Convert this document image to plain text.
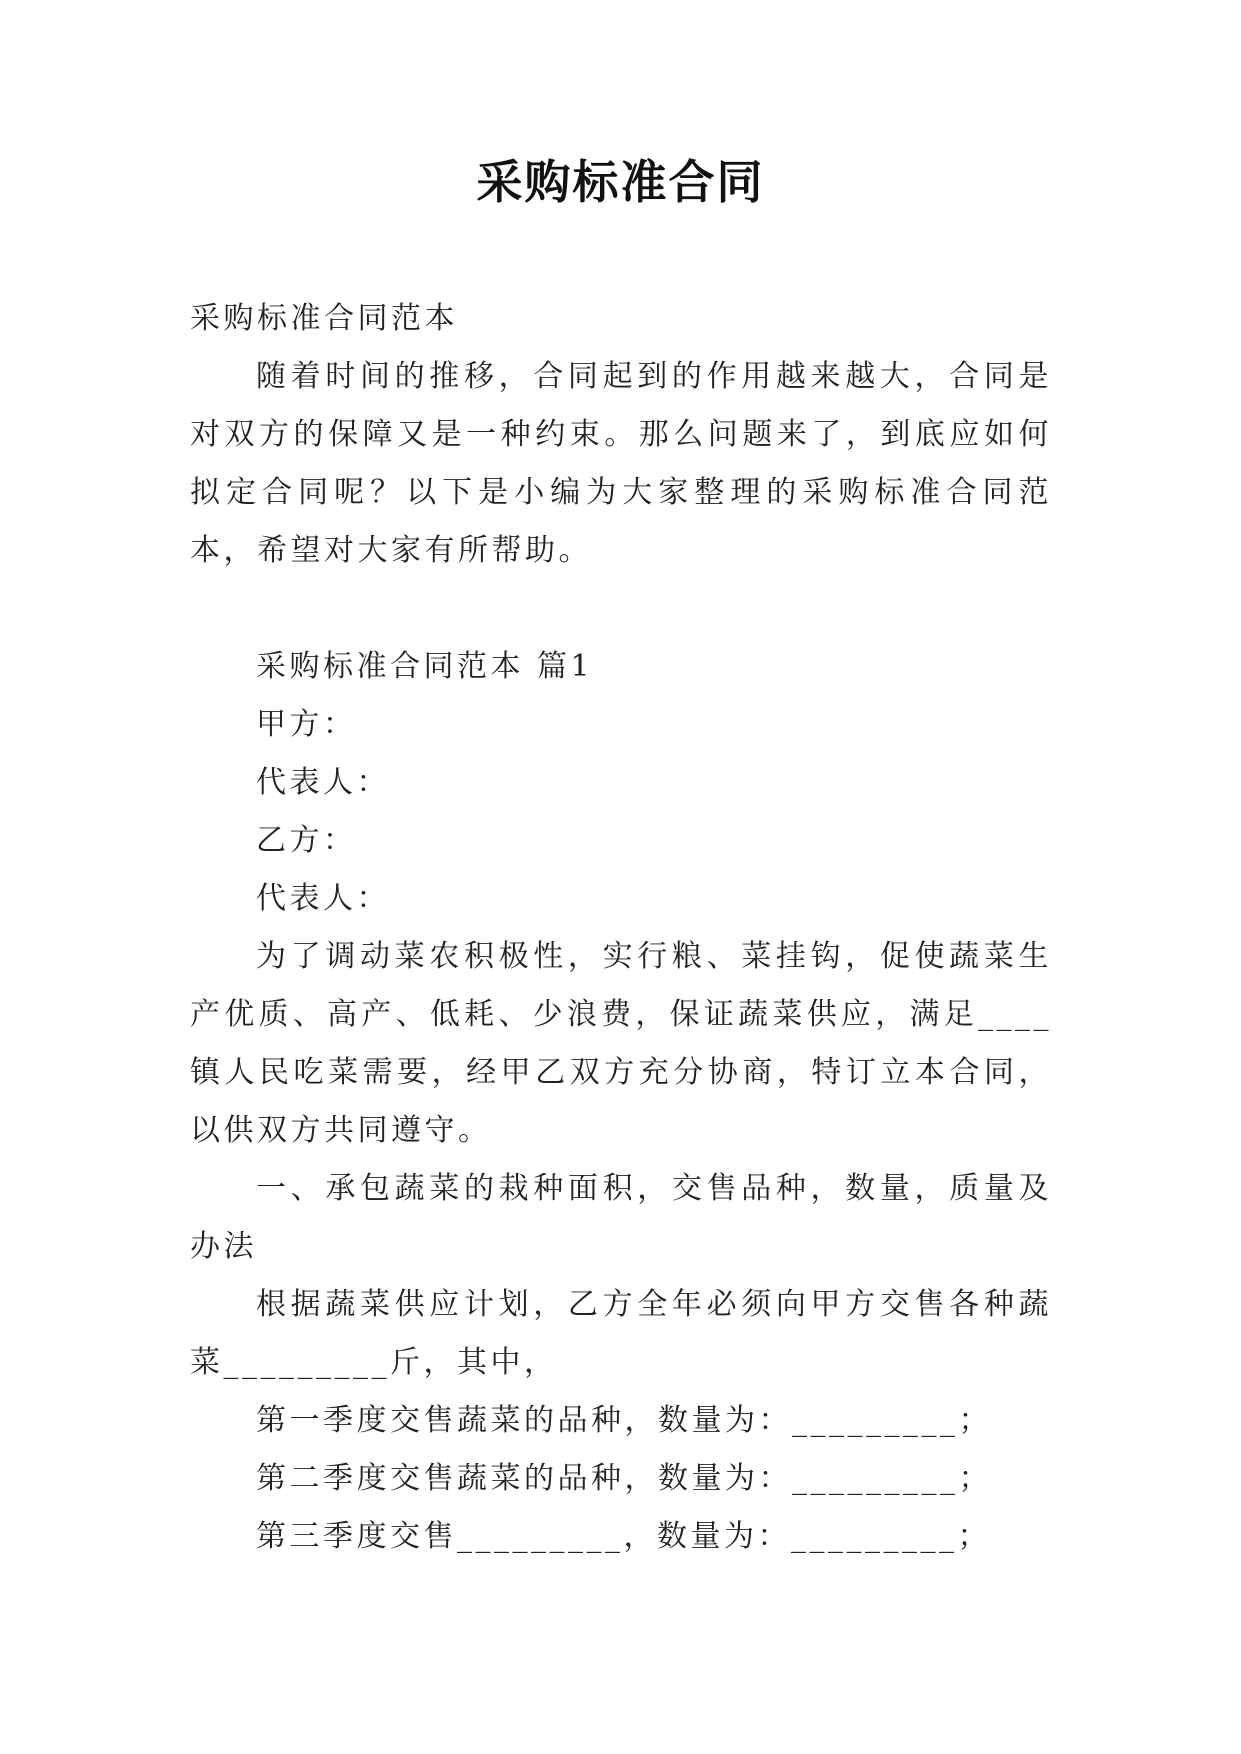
采购标准合同

采购标准合同范本

随着时间的推移，合同起到的作用越来越大，合同是对双方的保障又是一种约束。那么问题来了，到底应如何拟定合同呢？以下是小编为大家整理的采购标准合同范本，希望对大家有所帮助。

采购标准合同范本 篇1

甲方：

代表人：

乙方：

代表人：

为了调动菜农积极性，实行粮、菜挂钩，促使蔬菜生产优质、高产、低耗、少浪费，保证蔬菜供应，满足____镇人民吃菜需要，经甲乙双方充分协商，特订立本合同，以供双方共同遵守。

一、承包蔬菜的栽种面积，交售品种，数量，质量及办法

根据蔬菜供应计划，乙方全年必须向甲方交售各种蔬菜_________斤，其中，

第一季度交售蔬菜的品种，数量为：_________；

第二季度交售蔬菜的品种，数量为：_________；

第三季度交售_________，数量为：_________；
